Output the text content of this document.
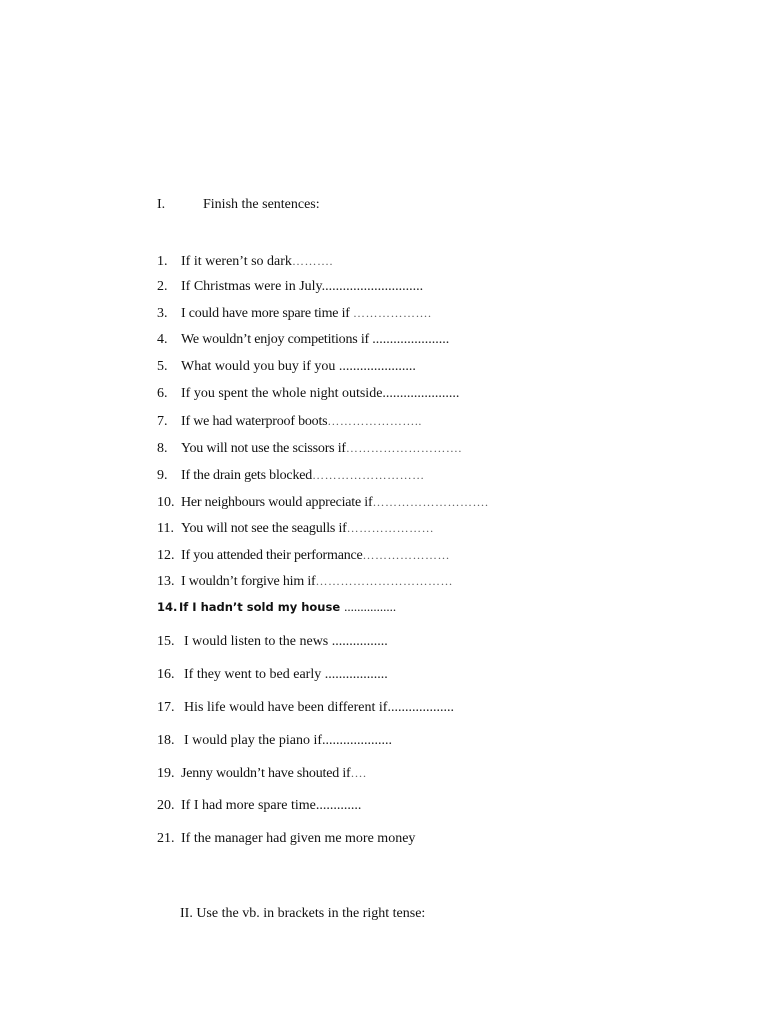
I.	Finish the sentences:
1. If it weren’t so dark……….
2. If Christmas were in July.............................
3. I could have more spare time if ……………….
4. We wouldn’t enjoy competitions if ......................
5. What would you buy if you ......................
6. If you spent the whole night outside......................
7. If we had waterproof boots…………………..
8. You will not use the scissors if……………………….
9. If the drain gets blocked………………………
10. Her neighbours would appreciate if……………………….
11. You will not see the seagulls if…………………
12. If you attended their performance…………………
13. I wouldn’t forgive him if……………………………
14. If I hadn’t sold my house ................
15. I would listen to the news ................
16. If they went to bed early ..................
17. His life would have been different if...................
18. I would play the piano if....................
19. Jenny wouldn’t have shouted if….
20. If I had more spare time.............
21. If the manager had given me more money
II. Use the vb. in brackets in the right tense:
